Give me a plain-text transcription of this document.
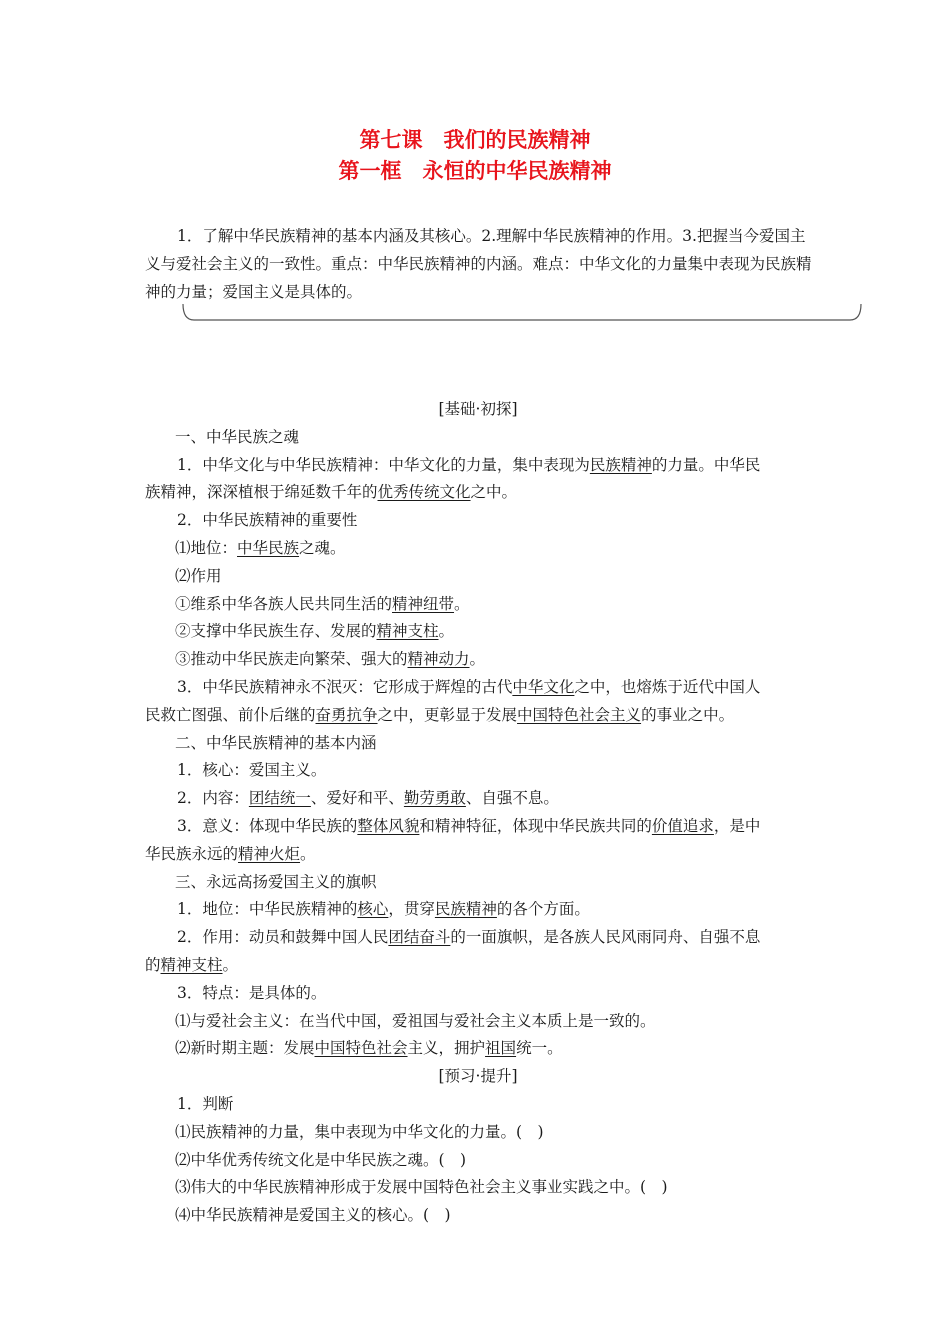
第七课　我们的民族精神
第一框　永恒的中华民族精神

1．了解中华民族精神的基本内涵及其核心。2.理解中华民族精神的作用。3.把握当今爱国主义与爱社会主义的一致性。重点：中华民族精神的内涵。难点：中华文化的力量集中表现为民族精神的力量；爱国主义是具体的。

[基础·初探]

一、中华民族之魂

1．中华文化与中华民族精神：中华文化的力量，集中表现为民族精神的力量。中华民

族精神，深深植根于绵延数千年的优秀传统文化之中。

2．中华民族精神的重要性

⑴地位：中华民族之魂。

⑵作用

①维系中华各族人民共同生活的精神纽带。

②支撑中华民族生存、发展的精神支柱。

③推动中华民族走向繁荣、强大的精神动力。

3．中华民族精神永不泯灭：它形成于辉煌的古代中华文化之中，也熔炼于近代中国人

民救亡图强、前仆后继的奋勇抗争之中，更彰显于发展中国特色社会主义的事业之中。

二、中华民族精神的基本内涵

1．核心：爱国主义。

2．内容：团结统一、爱好和平、勤劳勇敢、自强不息。

3．意义：体现中华民族的整体风貌和精神特征，体现中华民族共同的价值追求，是中

华民族永远的精神火炬。

三、永远高扬爱国主义的旗帜

1．地位：中华民族精神的核心，贯穿民族精神的各个方面。

2．作用：动员和鼓舞中国人民团结奋斗的一面旗帜，是各族人民风雨同舟、自强不息

的精神支柱。

3．特点：是具体的。

⑴与爱社会主义：在当代中国，爱祖国与爱社会主义本质上是一致的。

⑵新时期主题：发展中国特色社会主义，拥护祖国统一。

[预习·提升]

1．判断

⑴民族精神的力量，集中表现为中华文化的力量。(　)

⑵中华优秀传统文化是中华民族之魂。(　)

⑶伟大的中华民族精神形成于发展中国特色社会主义事业实践之中。(　)

⑷中华民族精神是爱国主义的核心。(　)
